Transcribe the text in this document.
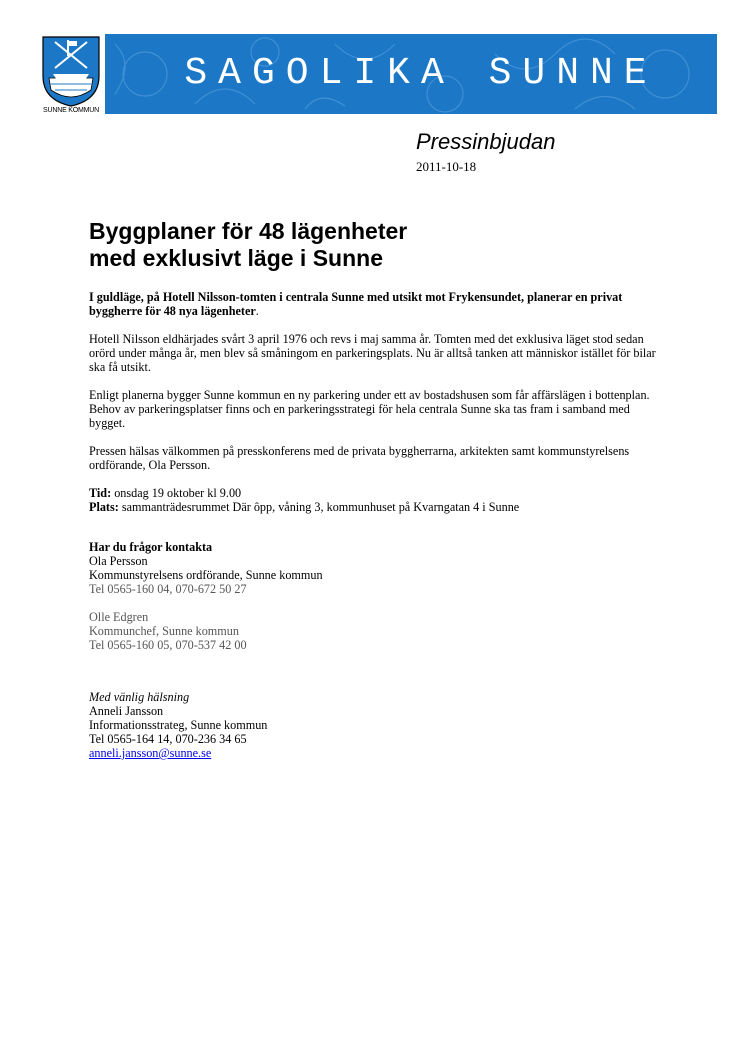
SUNNE KOMMUN
SAGOLIKA SUNNE
Pressinbjudan
2011-10-18
Byggplaner för 48 lägenheter
med exklusivt läge i Sunne

I guldläge, på Hotell Nilsson-tomten i centrala Sunne med utsikt mot Frykensundet, planerar en privat byggherre för 48 nya lägenheter.

Hotell Nilsson eldhärjades svårt 3 april 1976 och revs i maj samma år. Tomten med det exklusiva läget stod sedan orörd under många år, men blev så småningom en parkeringsplats. Nu är alltså tanken att människor istället för bilar ska få utsikt.

Enligt planerna bygger Sunne kommun en ny parkering under ett av bostadshusen som får affärslägen i bottenplan. Behov av parkeringsplatser finns och en parkeringsstrategi för hela centrala Sunne ska tas fram i samband med bygget.

Pressen hälsas välkommen på presskonferens med de privata byggherrarna, arkitekten samt kommunstyrelsens ordförande, Ola Persson.

Tid: onsdag 19 oktober kl 9.00
Plats: sammanträdesrummet Där ôpp, våning 3, kommunhuset på Kvarngatan 4 i Sunne

Har du frågor kontakta
Ola Persson
Kommunstyrelsens ordförande, Sunne kommun
Tel 0565-160 04, 070-672 50 27
Olle Edgren
Kommunchef, Sunne kommun
Tel 0565-160 05, 070-537 42 00
Med vänlig hälsning
Anneli Jansson
Informationsstrateg, Sunne kommun
Tel 0565-164 14, 070-236 34 65
anneli.jansson@sunne.se
